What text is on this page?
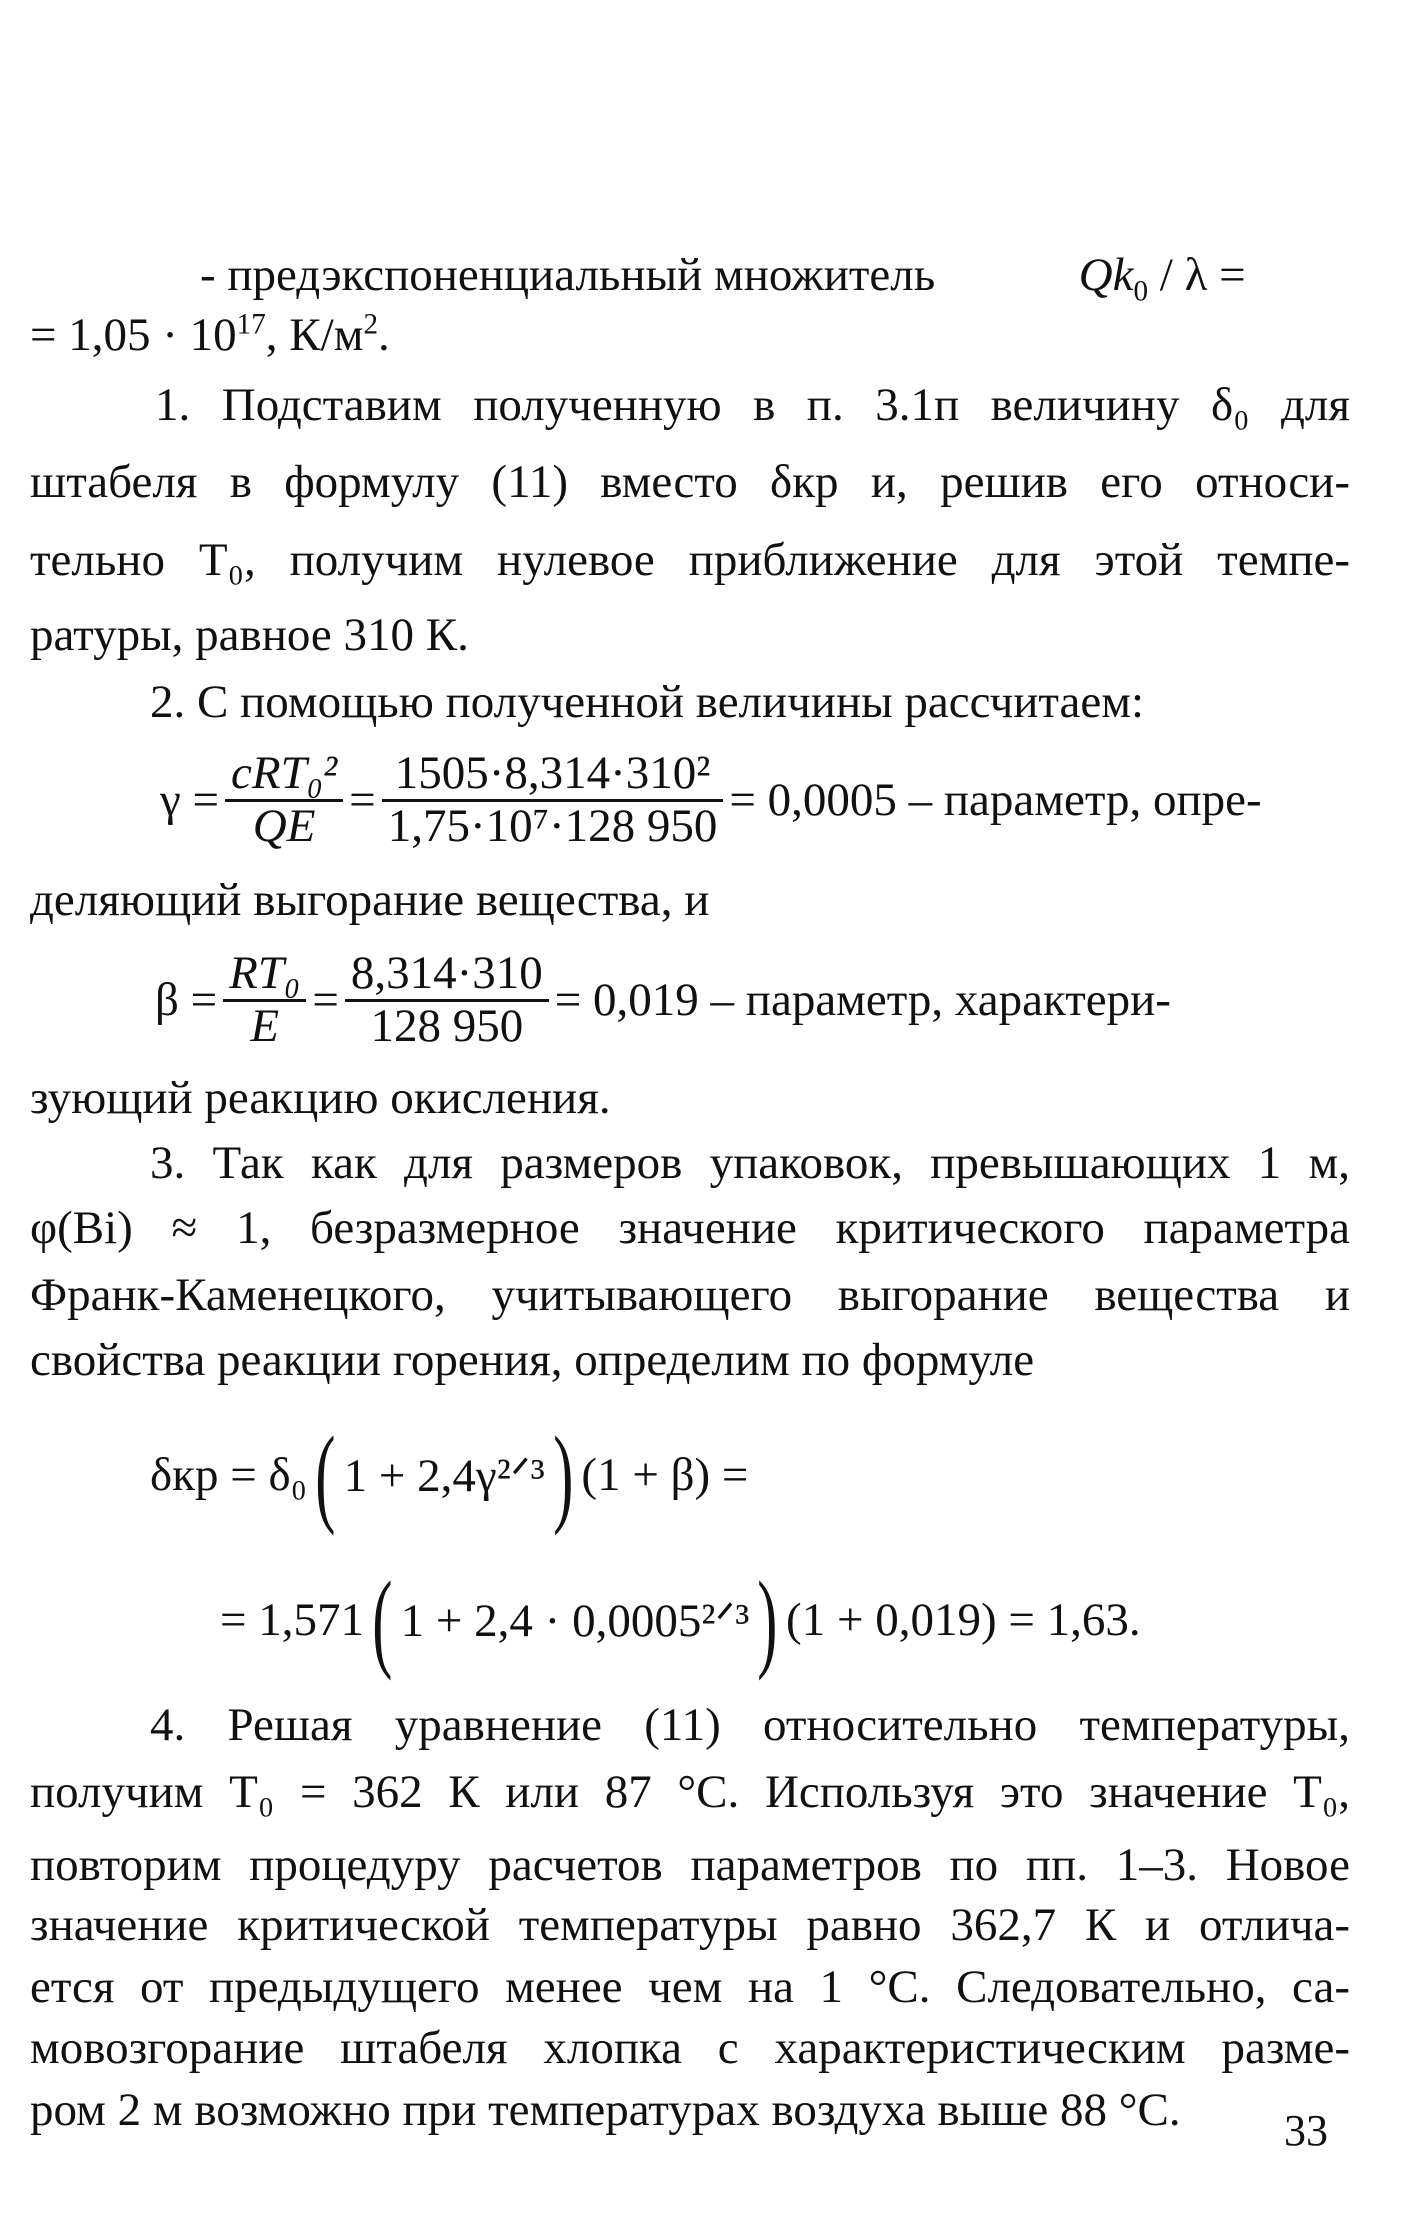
- предэкспоненциальный множитель	$Qk_0$ / λ =
= $1,05 \cdot 10^{17}$, $К/м^2$.
1. Подставим полученную в п. 3.1п величину δ₀ для
штабеля в формулу (11) вместо δкр и, решив его относи-
тельно T₀, получим нулевое приближение для этой темпе-
ратуры, равное 310 К.
2. С помощью полученной величины рассчитаем:
$\gamma = \frac{\text{cRT₀²}}{QE} = \frac{\text{1505·8,314·310²}}{\text{1,75·10⁷·128 950}} = 0,0005$ – параметр, опре-
деляющий выгорание вещества, и
$\beta = \frac{\text{RT₀}}{E} = \frac{8,314\cdot 310}{128 950} = 0,019$ – параметр, характери-
зующий реакцию окисления.
3. Так как для размеров упаковок, превышающих 1 м,
φ(Bi) ≈ 1, безразмерное значение критического параметра
Франк-Каменецкого, учитывающего выгорание вещества и
свойства реакции горения, определим по формуле
δкр = δ₀ ( 1 + 2,4γ²ᐟ³ ) (1 + β) =
= 1,571 ( 1 + 2,4 · 0,0005²ᐟ³ ) (1 + 0,019) = 1,63.
4. Решая уравнение (11) относительно температуры,
получим T₀ = 362 К или 87 °С. Используя это значение T₀,
повторим процедуру расчетов параметров по пп. 1–3. Новое
значение критической температуры равно 362,7 К и отлича-
ется от предыдущего менее чем на 1 °С. Следовательно, са-
мовозгорание штабеля хлопка с характеристическим разме-
ром 2 м возможно при температурах воздуха выше 88 °С. 33
